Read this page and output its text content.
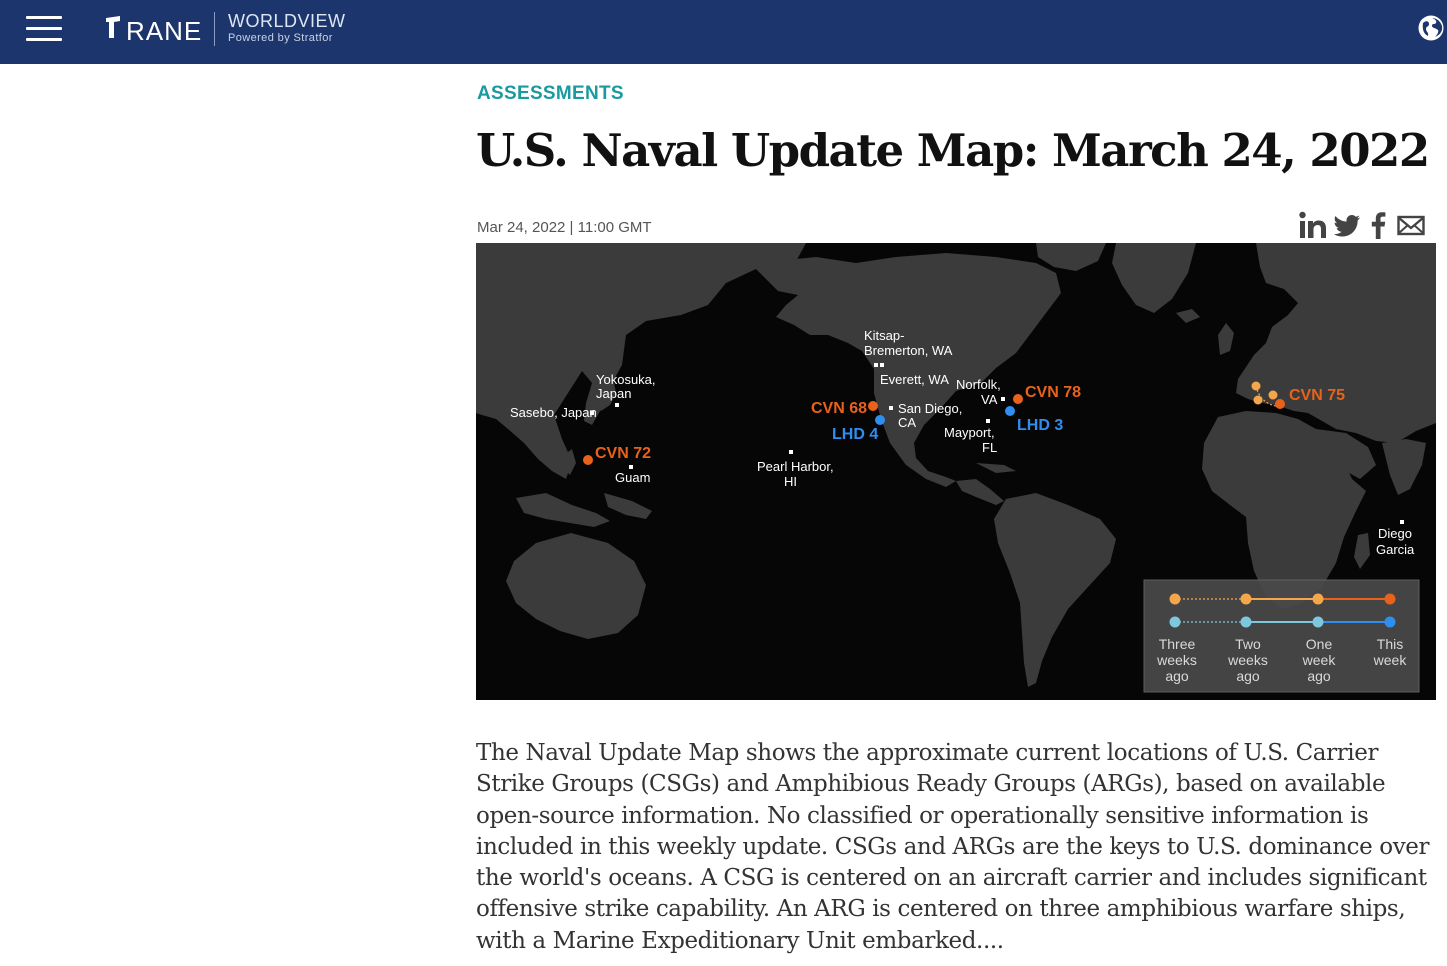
RANE WORLDVIEW
Powered by Stratfor
ASSESSMENTS
U.S. Naval Update Map: March 24, 2022
Mar 24, 2022 | 11:00 GMT
Kitsap-Bremerton, WA
Everett, WA
San Diego, CA
Pearl Harbor, HI
Yokosuka, Japan
Sasebo, Japan
Guam
Norfolk, VA
Mayport, FL
Diego Garcia
CVN 72
CVN 68
LHD 4
CVN 78
LHD 3
CVN 75
Three weeks ago
Two weeks ago
One week ago
This week

The Naval Update Map shows the approximate current locations of U.S. Carrier Strike Groups (CSGs) and Amphibious Ready Groups (ARGs), based on available open-source information. No classified or operationally sensitive information is included in this weekly update. CSGs and ARGs are the keys to U.S. dominance over the world's oceans. A CSG is centered on an aircraft carrier and includes significant offensive strike capability. An ARG is centered on three amphibious warfare ships, with a Marine Expeditionary Unit embarked....
